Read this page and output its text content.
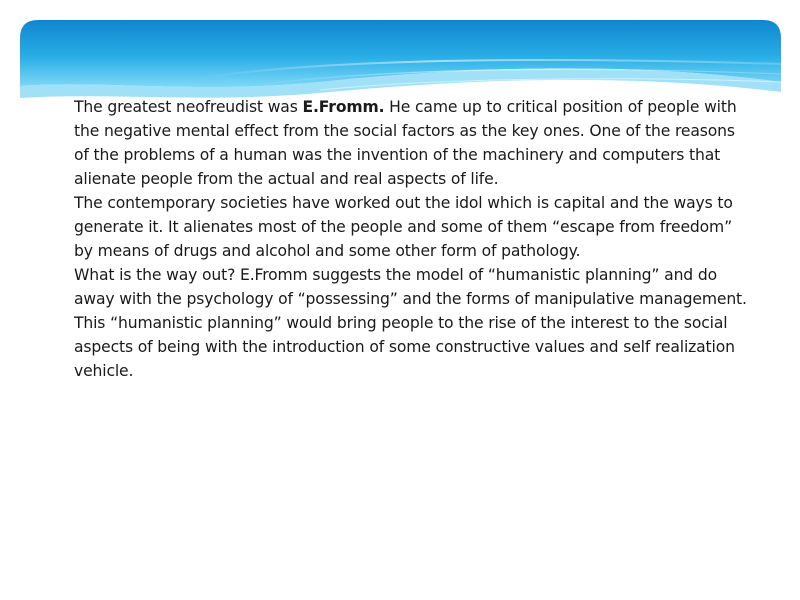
The greatest neofreudist was E.Fromm. He came up to critical position of people with the negative mental effect from the social factors as the key ones. One of the reasons of the problems of a human was the invention of the machinery and computers that alienate people from the actual and real aspects of life.

The contemporary societies have worked out the idol which is capital and the ways to generate it. It alienates most of the people and some of them “escape from freedom” by means of drugs and alcohol and some other form of pathology.

What is the way out? E.Fromm suggests the model of “humanistic planning” and do away with the psychology of “possessing” and the forms of manipulative management. This “humanistic planning” would bring people to the rise of the interest to the social aspects of being with the introduction of some constructive values and self realization vehicle.
